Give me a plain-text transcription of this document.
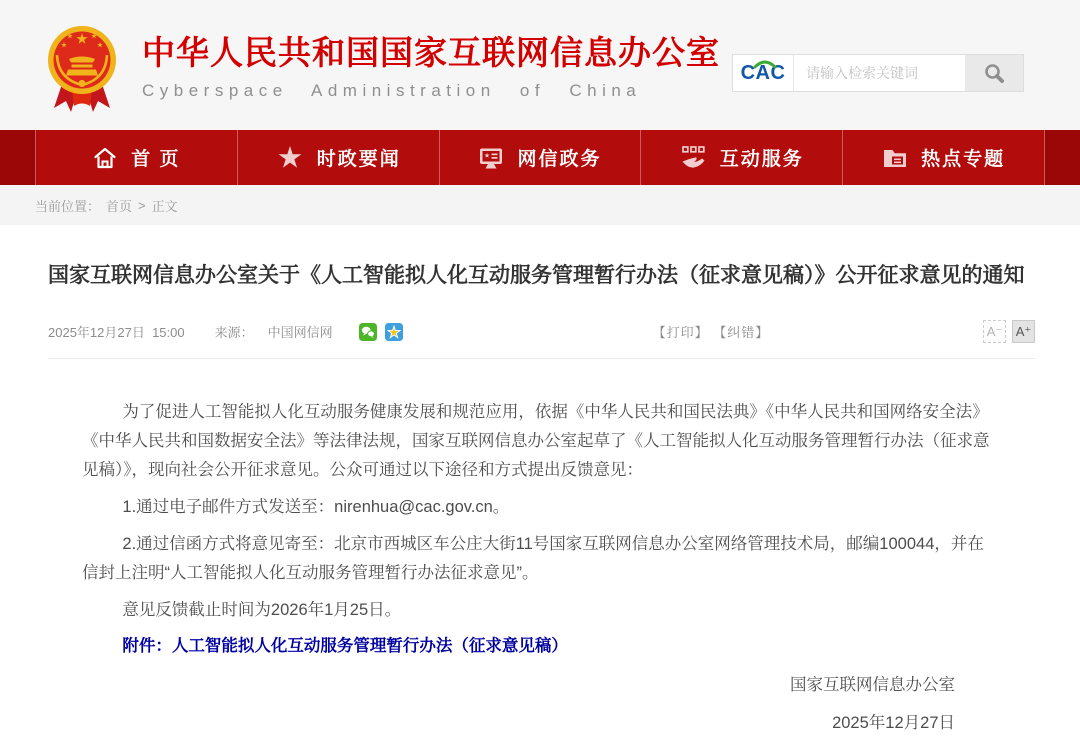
中华人民共和国国家互联网信息办公室
Cyberspace Administration of China
CAC
请输入检索关键词
首 页	时政要闻	网信政务	互动服务	热点专题
当前位置： 首页 > 正文
国家互联网信息办公室关于《人工智能拟人化互动服务管理暂行办法（征求意见稿）》公开征求意见的通知
2025年12月27日  15:00 来源： 中国网信网	【打印】 【纠错】	A⁻ A⁺

为了促进人工智能拟人化互动服务健康发展和规范应用，依据《中华人民共和国民法典》《中华人民共和国网络安全法》《中华人民共和国数据安全法》等法律法规，国家互联网信息办公室起草了《人工智能拟人化互动服务管理暂行办法（征求意见稿）》，现向社会公开征求意见。公众可通过以下途径和方式提出反馈意见：

1.通过电子邮件方式发送至：nirenhua@cac.gov.cn。

2.通过信函方式将意见寄至：北京市西城区车公庄大街11号国家互联网信息办公室网络管理技术局，邮编100044，并在信封上注明“人工智能拟人化互动服务管理暂行办法征求意见”。

意见反馈截止时间为2026年1月25日。

附件：人工智能拟人化互动服务管理暂行办法（征求意见稿）
国家互联网信息办公室
2025年12月27日
